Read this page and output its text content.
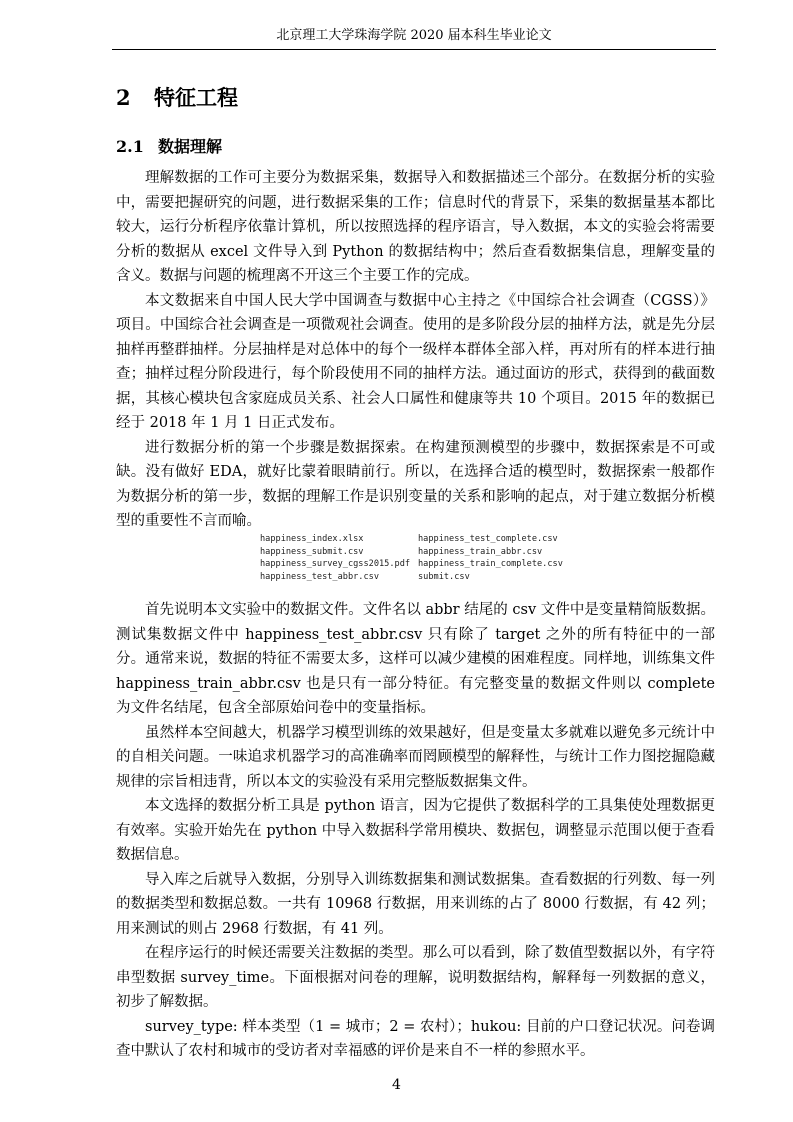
北京理工大学珠海学院 2020 届本科生毕业论文
2 特征工程
2.1 数据理解

理解数据的工作可主要分为数据采集，数据导入和数据描述三个部分。在数据分析的实验中，需要把握研究的问题，进行数据采集的工作；信息时代的背景下，采集的数据量基本都比较大，运行分析程序依靠计算机，所以按照选择的程序语言，导入数据，本文的实验会将需要分析的数据从 excel 文件导入到 Python 的数据结构中；然后查看数据集信息，理解变量的含义。数据与问题的梳理离不开这三个主要工作的完成。

本文数据来自中国人民大学中国调查与数据中心主持之《中国综合社会调查（CGSS）》项目。中国综合社会调查是一项微观社会调查。使用的是多阶段分层的抽样方法，就是先分层抽样再整群抽样。分层抽样是对总体中的每个一级样本群体全部入样，再对所有的样本进行抽查；抽样过程分阶段进行，每个阶段使用不同的抽样方法。通过面访的形式，获得到的截面数据，其核心模块包含家庭成员关系、社会人口属性和健康等共 10 个项目。2015 年的数据已经于 2018 年 1 月 1 日正式发布。

进行数据分析的第一个步骤是数据探索。在构建预测模型的步骤中，数据探索是不可或缺。没有做好 EDA，就好比蒙着眼睛前行。所以，在选择合适的模型时，数据探索一般都作为数据分析的第一步，数据的理解工作是识别变量的关系和影响的起点，对于建立数据分析模型的重要性不言而喻。

happiness_index.xlsx	happiness_test_complete.csv
happiness_submit.csv	happiness_train_abbr.csv
happiness_survey_cgss2015.pdf happiness_train_complete.csv
happiness_test_abbr.csv	submit.csv

首先说明本文实验中的数据文件。文件名以 abbr 结尾的 csv 文件中是变量精简版数据。测试集数据文件中 happiness_test_abbr.csv 只有除了 target 之外的所有特征中的一部分。通常来说，数据的特征不需要太多，这样可以减少建模的困难程度。同样地，训练集文件 happiness_train_abbr.csv 也是只有一部分特征。有完整变量的数据文件则以 complete 为文件名结尾，包含全部原始问卷中的变量指标。

虽然样本空间越大，机器学习模型训练的效果越好，但是变量太多就难以避免多元统计中的自相关问题。一味追求机器学习的高准确率而罔顾模型的解释性，与统计工作力图挖掘隐藏规律的宗旨相违背，所以本文的实验没有采用完整版数据集文件。

本文选择的数据分析工具是 python 语言，因为它提供了数据科学的工具集使处理数据更有效率。实验开始先在 python 中导入数据科学常用模块、数据包，调整显示范围以便于查看数据信息。

导入库之后就导入数据，分别导入训练数据集和测试数据集。查看数据的行列数、每一列的数据类型和数据总数。一共有 10968 行数据，用来训练的占了 8000 行数据，有 42 列；用来测试的则占 2968 行数据，有 41 列。

在程序运行的时候还需要关注数据的类型。那么可以看到，除了数值型数据以外，有字符串型数据 survey_time。下面根据对问卷的理解，说明数据结构，解释每一列数据的意义，初步了解数据。

survey_type: 样本类型（1 = 城市；2 = 农村）；hukou: 目前的户口登记状况。问卷调查中默认了农村和城市的受访者对幸福感的评价是来自不一样的参照水平。

4
